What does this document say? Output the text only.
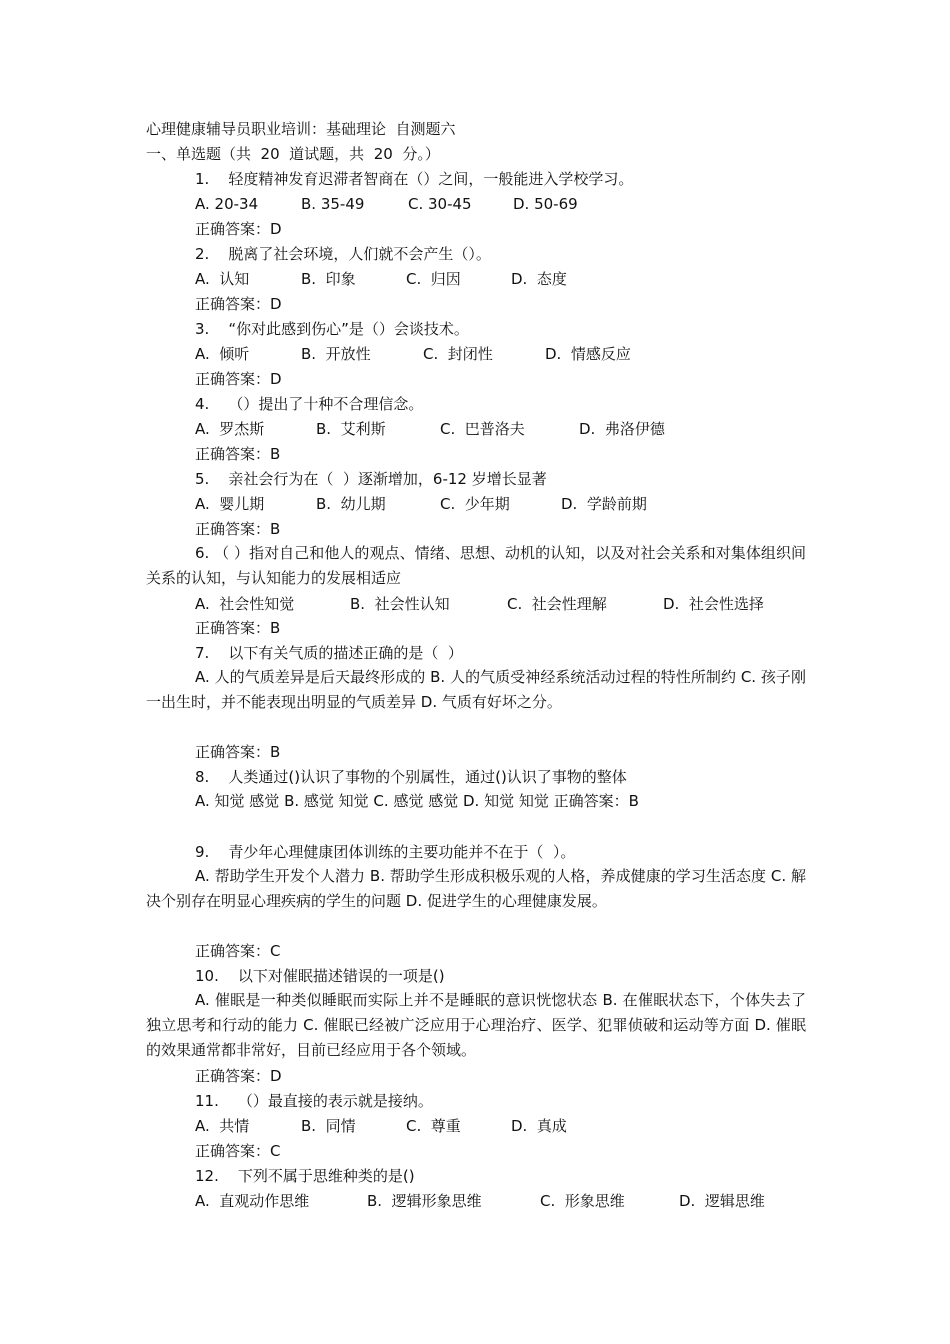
心理健康辅导员职业培训：基础理论  自测题六
一、单选题（共  20  道试题，共  20  分。）
1.    轻度精神发育迟滞者智商在（）之间，一般能进入学校学习。
A. 20-34	B. 35-49	C. 30-45	D. 50-69
正确答案：D
2.    脱离了社会环境，人们就不会产生（）。
A.  认知	B.  印象	C.  归因	D.  态度
正确答案：D
3.    “你对此感到伤心”是（）会谈技术。
A.  倾听	B.  开放性	C.  封闭性	D.  情感反应
正确答案：D
4.    （）提出了十种不合理信念。
A.  罗杰斯	B.  艾利斯	C.  巴普洛夫	D.  弗洛伊德
正确答案：B
5.    亲社会行为在（  ）逐渐增加，6-12 岁增长显著
A.  婴儿期	B.  幼儿期	C.  少年期	D.  学龄前期
正确答案：B
6. （ ）指对自己和他人的观点、情绪、思想、动机的认知，以及对社会关系和对集体组织间关系的认知，与认知能力的发展相适应
A.  社会性知觉	B.  社会性认知	C.  社会性理解	D.  社会性选择
正确答案：B
7.    以下有关气质的描述正确的是（  ）
A. 人的气质差异是后天最终形成的 B. 人的气质受神经系统活动过程的特性所制约 C. 孩子刚一出生时，并不能表现出明显的气质差异 D. 气质有好坏之分。
正确答案：B
8.    人类通过()认识了事物的个别属性，通过()认识了事物的整体
A. 知觉 感觉 B. 感觉 知觉 C. 感觉 感觉 D. 知觉 知觉 正确答案：B
9.    青少年心理健康团体训练的主要功能并不在于（  ）。
A. 帮助学生开发个人潜力 B. 帮助学生形成积极乐观的人格，养成健康的学习生活态度 C. 解决个别存在明显心理疾病的学生的问题 D. 促进学生的心理健康发展。
正确答案：C
10.    以下对催眠描述错误的一项是()
A. 催眠是一种类似睡眠而实际上并不是睡眠的意识恍惚状态 B. 在催眠状态下，个体失去了独立思考和行动的能力 C. 催眠已经被广泛应用于心理治疗、医学、犯罪侦破和运动等方面 D. 催眠的效果通常都非常好，目前已经应用于各个领域。
正确答案：D
11.    （）最直接的表示就是接纳。
A.  共情	B.  同情	C.  尊重	D.  真成
正确答案：C
12.    下列不属于思维种类的是()
A.  直观动作思维	B.  逻辑形象思维	C.  形象思维	D.  逻辑思维
